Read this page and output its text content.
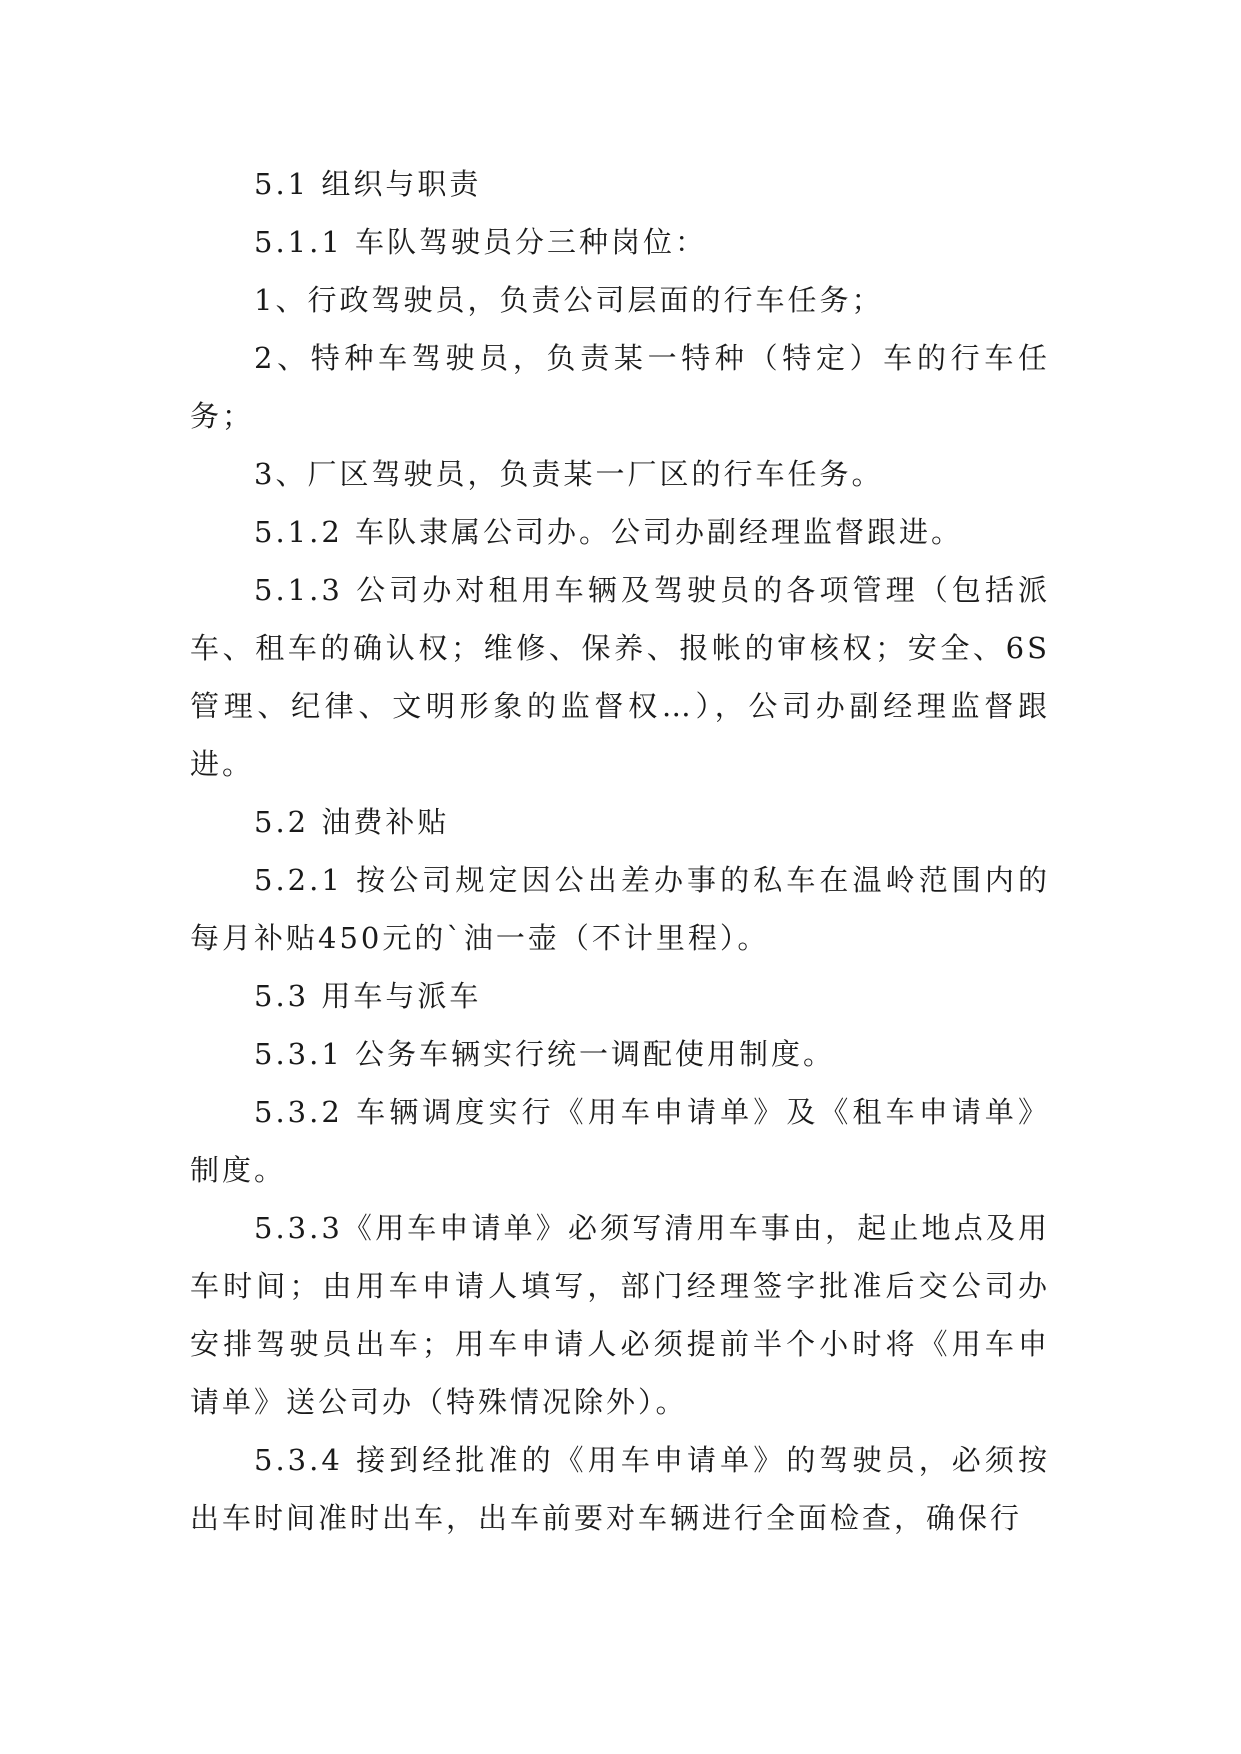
5.1 组织与职责

5.1.1 车队驾驶员分三种岗位：

1、行政驾驶员，负责公司层面的行车任务；

2、特种车驾驶员，负责某一特种（特定）车的行车任务；

3、厂区驾驶员，负责某一厂区的行车任务。

5.1.2 车队隶属公司办。公司办副经理监督跟进。

5.1.3 公司办对租用车辆及驾驶员的各项管理（包括派车、租车的确认权；维修、保养、报帐的审核权；安全、6S管理、纪律、文明形象的监督权…），公司办副经理监督跟进。

5.2 油费补贴

5.2.1 按公司规定因公出差办事的私车在温岭范围内的每月补贴450元的`油一壶（不计里程）。

5.3 用车与派车

5.3.1 公务车辆实行统一调配使用制度。

5.3.2 车辆调度实行《用车申请单》及《租车申请单》制度。

5.3.3《用车申请单》必须写清用车事由，起止地点及用车时间；由用车申请人填写，部门经理签字批准后交公司办安排驾驶员出车；用车申请人必须提前半个小时将《用车申请单》送公司办（特殊情况除外）。

5.3.4 接到经批准的《用车申请单》的驾驶员，必须按出车时间准时出车，出车前要对车辆进行全面检查，确保行
